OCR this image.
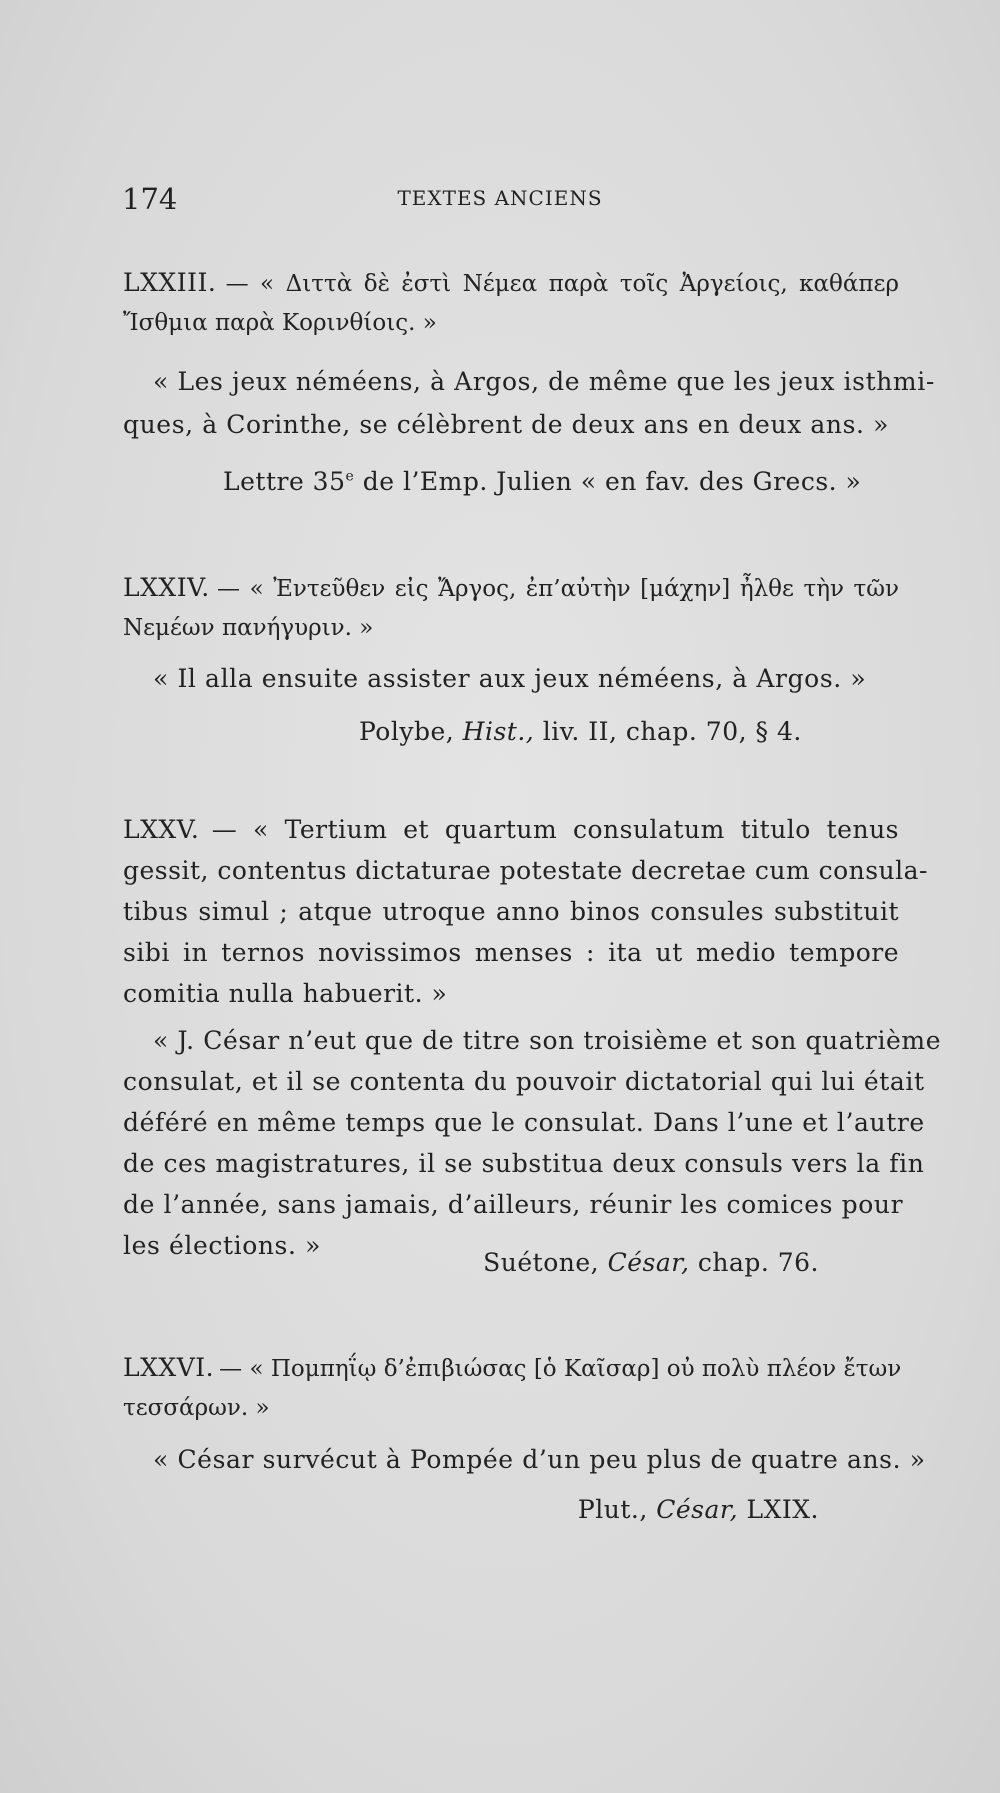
174	TEXTES ANCIENS
LXXIII. — « Διττὰ δὲ ἐστὶ Νέμεα παρὰ τοῖς Ἀργείοις, καθάπερ
Ἴσθμια παρὰ Κορινθίοις. »
« Les jeux néméens, à Argos, de même que les jeux isthmi-
ques, à Corinthe, se célèbrent de deux ans en deux ans. »
Lettre 35e de l’Emp. Julien « en fav. des Grecs. »
LXXIV. — « Ἐντεῦθεν εἰς Ἄργος, ἐπ’αὐτὴν [μάχην] ἦλθε τὴν τῶν
Νεμέων πανήγυριν. »
« Il alla ensuite assister aux jeux néméens, à Argos. »
Polybe, Hist., liv. II, chap. 70, § 4.
LXXV. — « Tertium et quartum consulatum titulo tenus
gessit, contentus dictaturae potestate decretae cum consula-
tibus simul ; atque utroque anno binos consules substituit
sibi in ternos novissimos menses : ita ut medio tempore
comitia nulla habuerit. »
« J. César n’eut que de titre son troisième et son quatrième
consulat, et il se contenta du pouvoir dictatorial qui lui était
déféré en même temps que le consulat. Dans l’une et l’autre
de ces magistratures, il se substitua deux consuls vers la fin
de l’année, sans jamais, d’ailleurs, réunir les comices pour
les élections. »
Suétone, César, chap. 76.
LXXVI. — « Πομπηΐῳ δ’ἐπιβιώσας [ὁ Καῖσαρ] οὐ πολὺ πλέον ἔτων
τεσσάρων. »
« César survécut à Pompée d’un peu plus de quatre ans. »
Plut., César, LXIX.
